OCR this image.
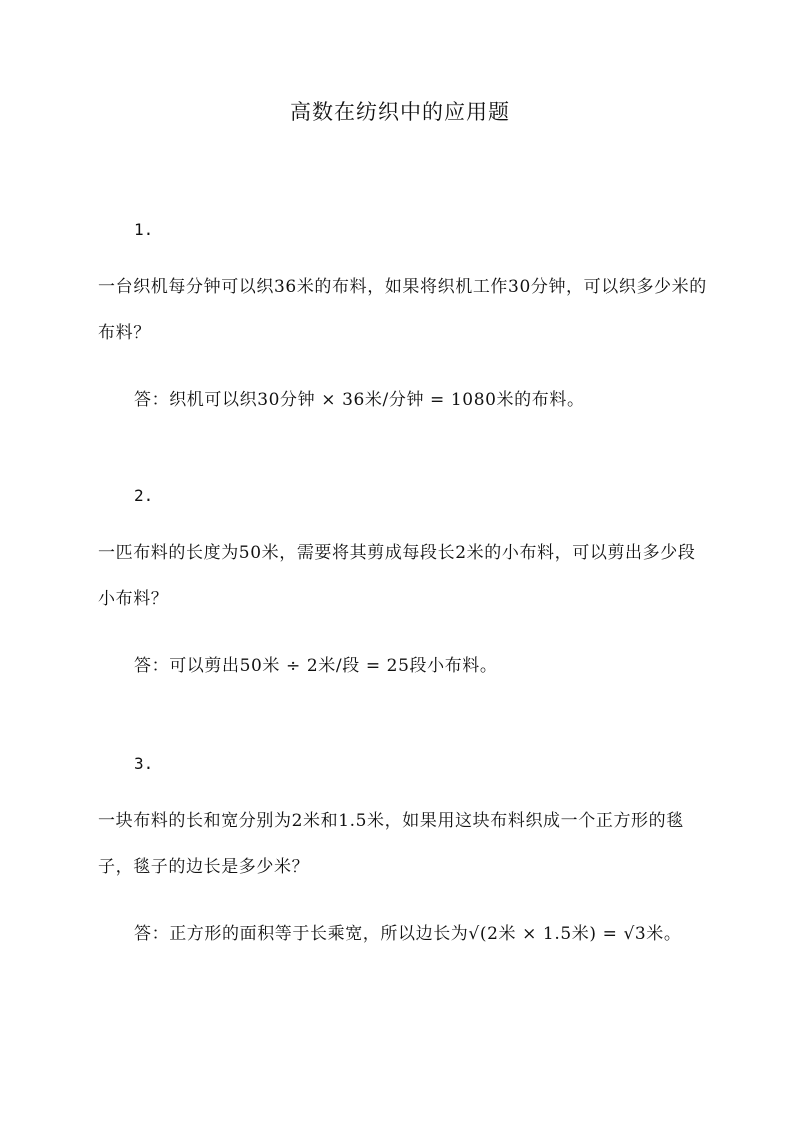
高数在纺织中的应用题
1.
一台织机每分钟可以织36米的布料，如果将织机工作30分钟，可以织多少米的布料？
答：织机可以织30分钟 × 36米/分钟 = 1080米的布料。
2.
一匹布料的长度为50米，需要将其剪成每段长2米的小布料，可以剪出多少段小布料？
答：可以剪出50米 ÷ 2米/段 = 25段小布料。
3.
一块布料的长和宽分别为2米和1.5米，如果用这块布料织成一个正方形的毯子，毯子的边长是多少米？
答：正方形的面积等于长乘宽，所以边长为√(2米 × 1.5米) = √3米。
